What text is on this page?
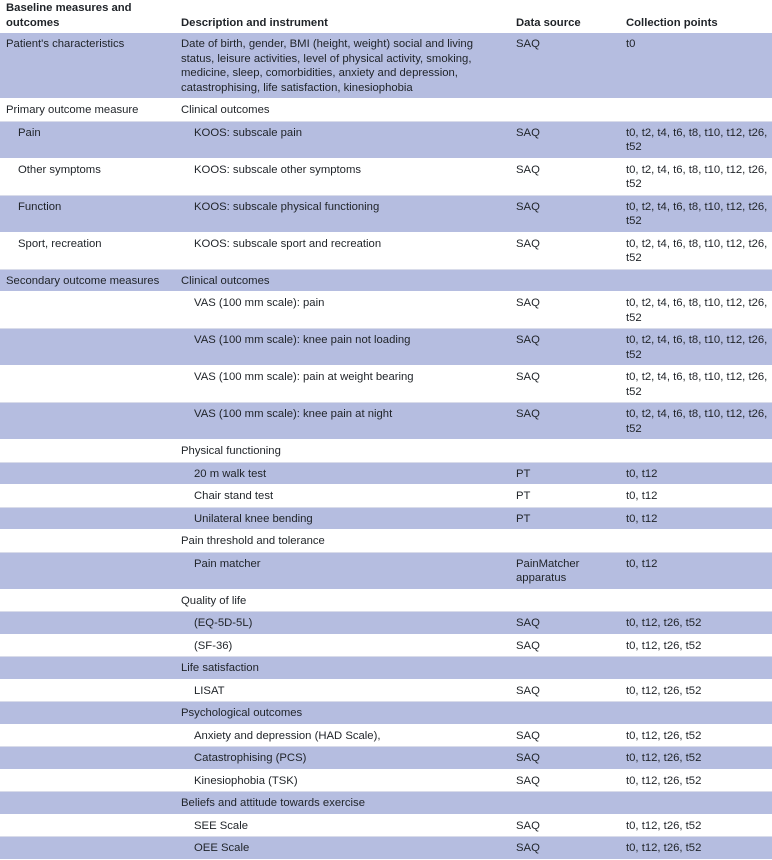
Baseline measures and outcomes	Description and instrument	Data source	Collection points
Patient's characteristics	Date of birth, gender, BMI (height, weight) social and living status, leisure activities, level of physical activity, smoking, medicine, sleep, comorbidities, anxiety and depression, catastrophising, life satisfaction, kinesiophobia	SAQ	t0
Primary outcome measure	Clinical outcomes		
Pain	KOOS: subscale pain	SAQ	t0, t2, t4, t6, t8, t10, t12, t26, t52
Other symptoms	KOOS: subscale other symptoms	SAQ	t0, t2, t4, t6, t8, t10, t12, t26, t52
Function	KOOS: subscale physical functioning	SAQ	t0, t2, t4, t6, t8, t10, t12, t26, t52
Sport, recreation	KOOS: subscale sport and recreation	SAQ	t0, t2, t4, t6, t8, t10, t12, t26, t52
Secondary outcome measures	Clinical outcomes		
	VAS (100 mm scale): pain	SAQ	t0, t2, t4, t6, t8, t10, t12, t26, t52
	VAS (100 mm scale): knee pain not loading	SAQ	t0, t2, t4, t6, t8, t10, t12, t26, t52
	VAS (100 mm scale): pain at weight bearing	SAQ	t0, t2, t4, t6, t8, t10, t12, t26, t52
	VAS (100 mm scale): knee pain at night	SAQ	t0, t2, t4, t6, t8, t10, t12, t26, t52
	Physical functioning		
	20 m walk test	PT	t0, t12
	Chair stand test	PT	t0, t12
	Unilateral knee bending	PT	t0, t12
	Pain threshold and tolerance		
	Pain matcher	PainMatcher apparatus	t0, t12
	Quality of life		
	(EQ-5D-5L)	SAQ	t0, t12, t26, t52
	(SF-36)	SAQ	t0, t12, t26, t52
	Life satisfaction		
	LISAT	SAQ	t0, t12, t26, t52
	Psychological outcomes		
	Anxiety and depression (HAD Scale),	SAQ	t0, t12, t26, t52
	Catastrophising (PCS)	SAQ	t0, t12, t26, t52
	Kinesiophobia (TSK)	SAQ	t0, t12, t26, t52
	Beliefs and attitude towards exercise		
	SEE Scale	SAQ	t0, t12, t26, t52
	OEE Scale	SAQ	t0, t12, t26, t52
